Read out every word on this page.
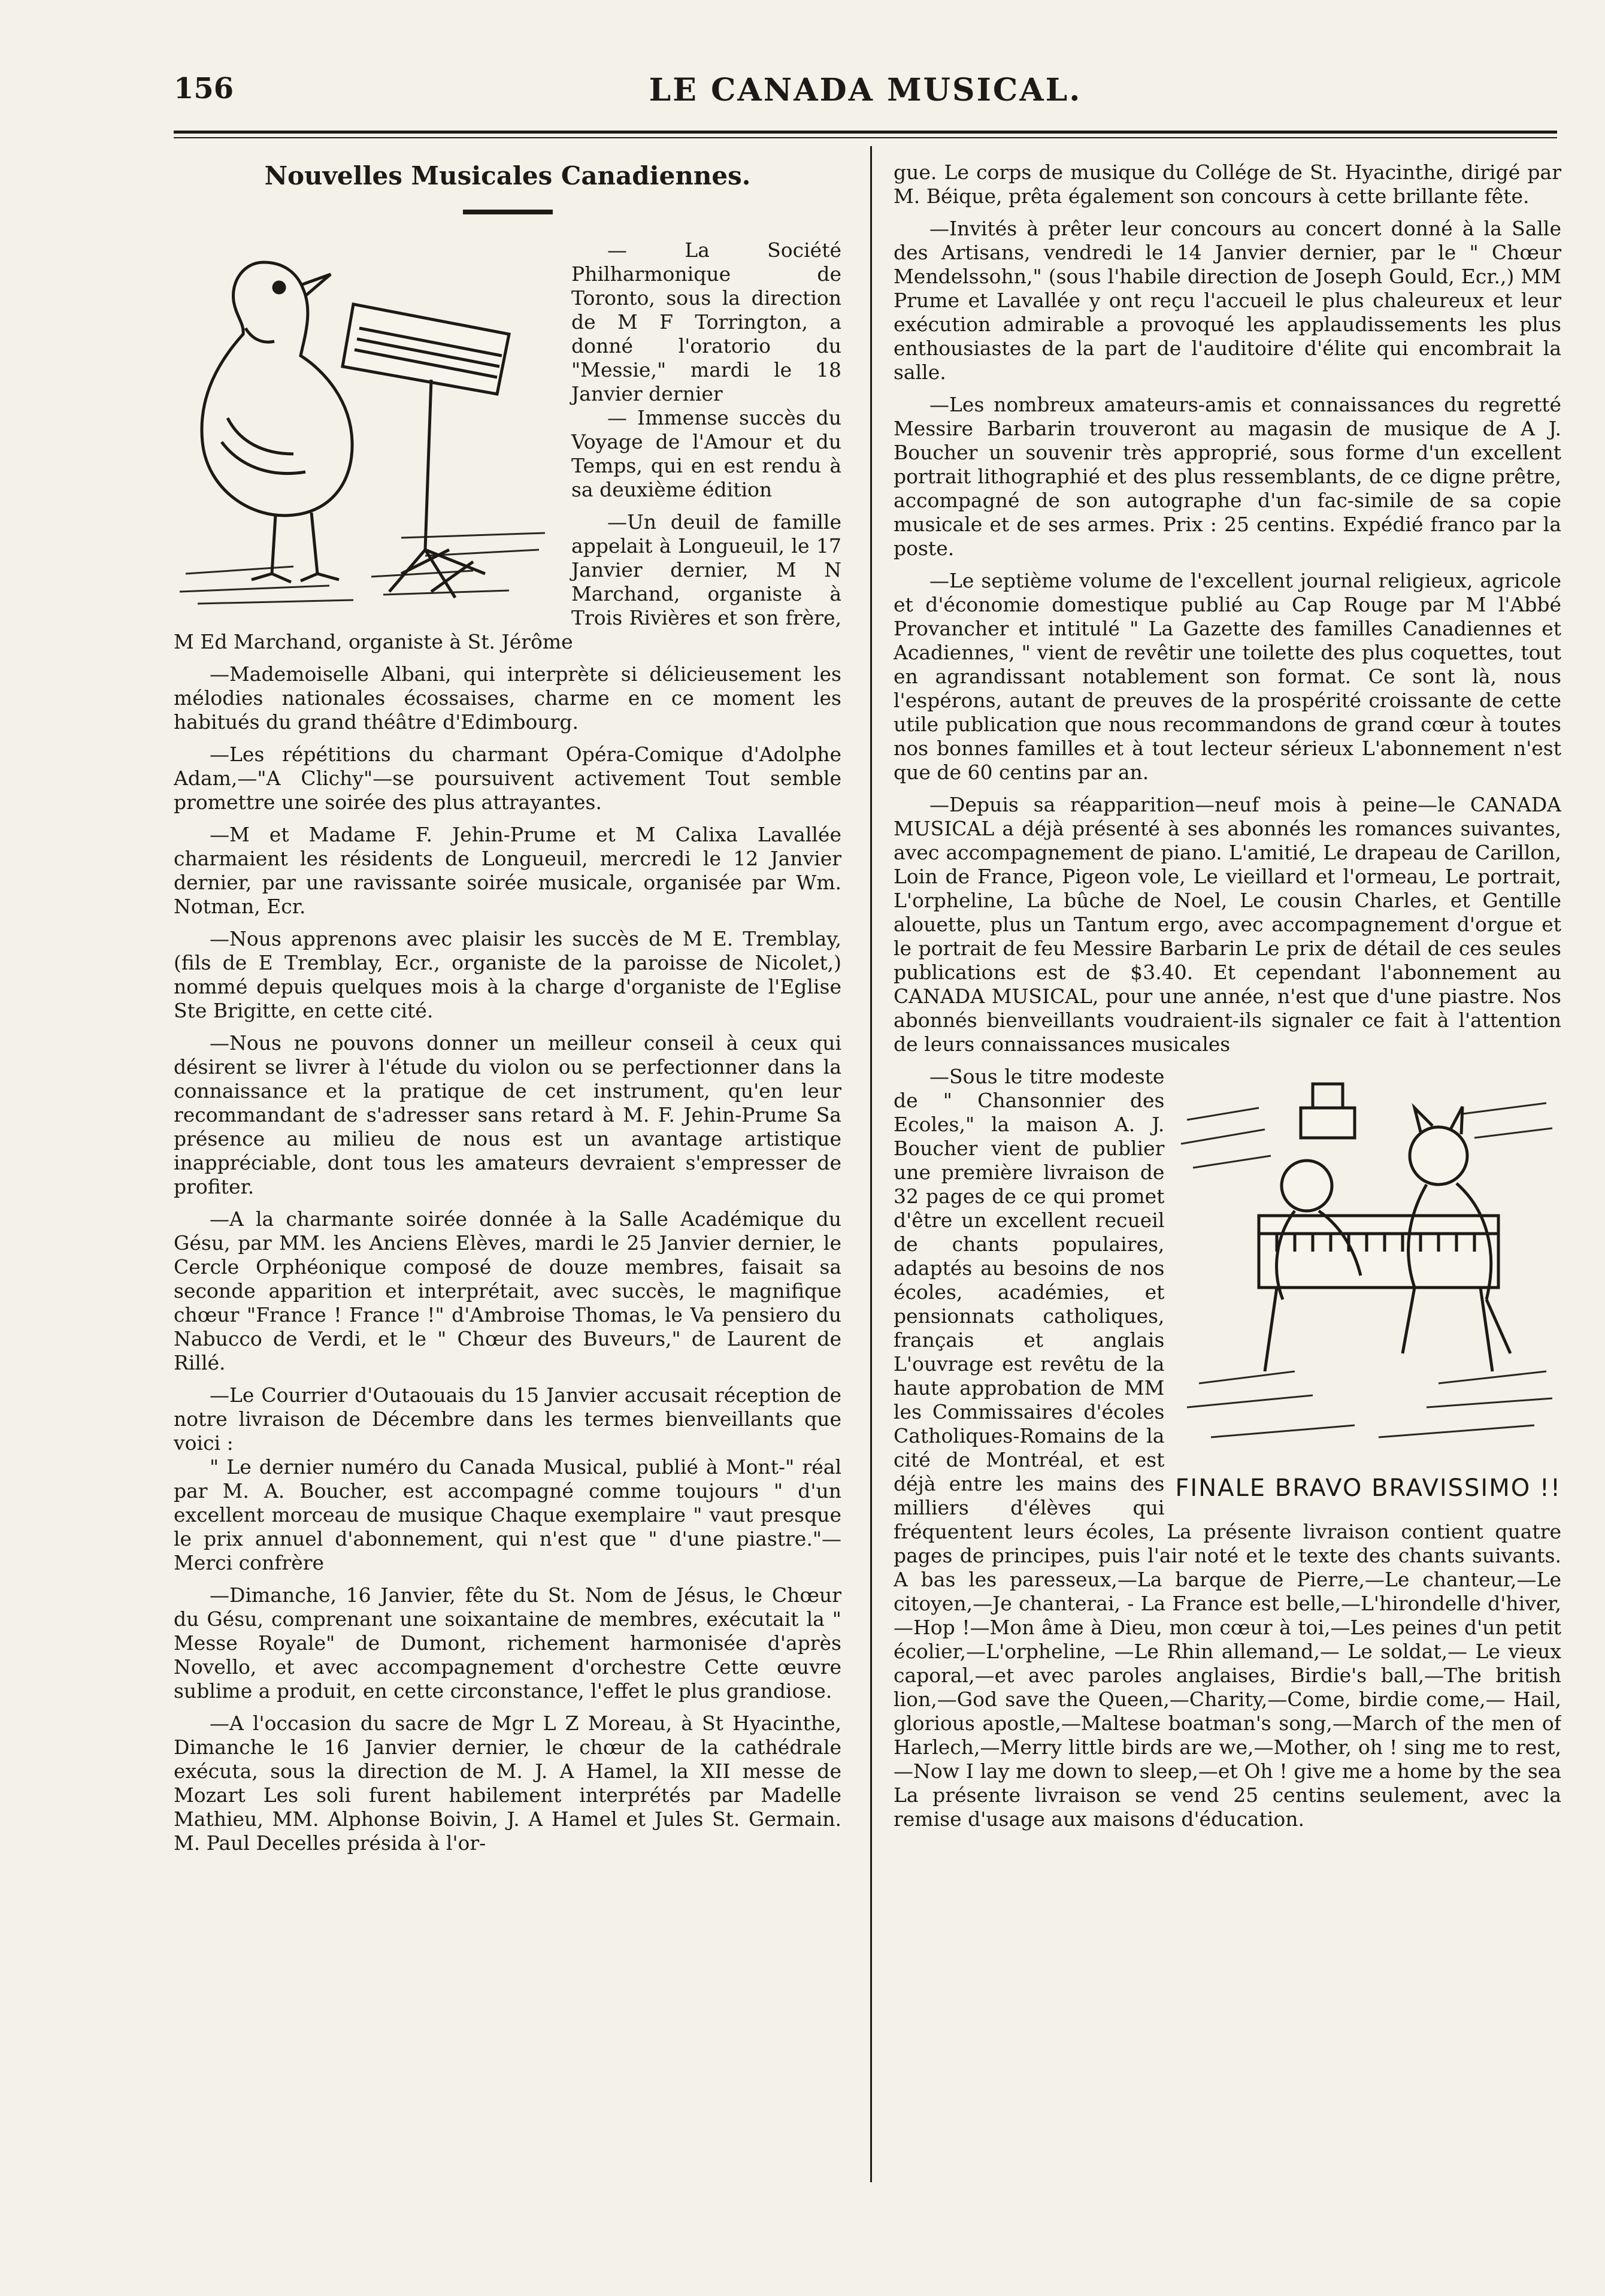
156	LE CANADA MUSICAL.
Nouvelles Musicales Canadiennes.

— La Société Philharmonique de Toronto, sous la direction de M F Torrington, a donné l'oratorio du "Messie," mardi le 18 Janvier dernier

— Immense succès du Voyage de l'Amour et du Temps, qui en est rendu à sa deuxième édition

—Un deuil de famille appelait à Longueuil, le 17 Janvier dernier, M N Marchand, organiste à Trois Rivières et son frère, M Ed Marchand, organiste à St. Jérôme

—Mademoiselle Albani, qui interprète si délicieusement les mélodies nationales écossaises, charme en ce moment les habitués du grand théâtre d'Edimbourg.

—Les répétitions du charmant Opéra-Comique d'Adolphe Adam,—"A Clichy"—se poursuivent activement Tout semble promettre une soirée des plus attrayantes.

—M et Madame F. Jehin-Prume et M Calixa Lavallée charmaient les résidents de Longueuil, mercredi le 12 Janvier dernier, par une ravissante soirée musicale, organisée par Wm. Notman, Ecr.

—Nous apprenons avec plaisir les succès de M E. Tremblay, (fils de E Tremblay, Ecr., organiste de la paroisse de Nicolet,) nommé depuis quelques mois à la charge d'organiste de l'Eglise Ste Brigitte, en cette cité.

—Nous ne pouvons donner un meilleur conseil à ceux qui désirent se livrer à l'étude du violon ou se perfectionner dans la connaissance et la pratique de cet instrument, qu'en leur recommandant de s'adresser sans retard à M. F. Jehin-Prume Sa présence au milieu de nous est un avantage artistique inappréciable, dont tous les amateurs devraient s'empresser de profiter.

—A la charmante soirée donnée à la Salle Académique du Gésu, par MM. les Anciens Elèves, mardi le 25 Janvier dernier, le Cercle Orphéonique composé de douze membres, faisait sa seconde apparition et interprétait, avec succès, le magnifique chœur "France ! France !" d'Ambroise Thomas, le Va pensiero du Nabucco de Verdi, et le " Chœur des Buveurs," de Laurent de Rillé.

—Le Courrier d'Outaouais du 15 Janvier accusait réception de notre livraison de Décembre dans les termes bienveillants que voici :

" Le dernier numéro du Canada Musical, publié à Mont-" réal par M. A. Boucher, est accompagné comme toujours " d'un excellent morceau de musique Chaque exemplaire " vaut presque le prix annuel d'abonnement, qui n'est que " d'une piastre."—Merci confrère

—Dimanche, 16 Janvier, fête du St. Nom de Jésus, le Chœur du Gésu, comprenant une soixantaine de membres, exécutait la " Messe Royale" de Dumont, richement harmonisée d'après Novello, et avec accompagnement d'orchestre Cette œuvre sublime a produit, en cette circonstance, l'effet le plus grandiose.

—A l'occasion du sacre de Mgr L Z Moreau, à St Hyacinthe, Dimanche le 16 Janvier dernier, le chœur de la cathédrale exécuta, sous la direction de M. J. A Hamel, la XII messe de Mozart Les soli furent habilement interprétés par Madelle Mathieu, MM. Alphonse Boivin, J. A Hamel et Jules St. Germain. M. Paul Decelles présida à l'or-

gue. Le corps de musique du Collége de St. Hyacinthe, dirigé par M. Béique, prêta également son concours à cette brillante fête.

—Invités à prêter leur concours au concert donné à la Salle des Artisans, vendredi le 14 Janvier dernier, par le " Chœur Mendelssohn," (sous l'habile direction de Joseph Gould, Ecr.,) MM Prume et Lavallée y ont reçu l'accueil le plus chaleureux et leur exécution admirable a provoqué les applaudissements les plus enthousiastes de la part de l'auditoire d'élite qui encombrait la salle.

—Les nombreux amateurs-amis et connaissances du regretté Messire Barbarin trouveront au magasin de musique de A J. Boucher un souvenir très approprié, sous forme d'un excellent portrait lithographié et des plus ressemblants, de ce digne prêtre, accompagné de son autographe d'un fac-simile de sa copie musicale et de ses armes. Prix : 25 centins. Expédié franco par la poste.

—Le septième volume de l'excellent journal religieux, agricole et d'économie domestique publié au Cap Rouge par M l'Abbé Provancher et intitulé " La Gazette des familles Canadiennes et Acadiennes, " vient de revêtir une toilette des plus coquettes, tout en agrandissant notablement son format. Ce sont là, nous l'espérons, autant de preuves de la prospérité croissante de cette utile publication que nous recommandons de grand cœur à toutes nos bonnes familles et à tout lecteur sérieux L'abonnement n'est que de 60 centins par an.

—Depuis sa réapparition—neuf mois à peine—le CANADA MUSICAL a déjà présenté à ses abonnés les romances suivantes, avec accompagnement de piano. L'amitié, Le drapeau de Carillon, Loin de France, Pigeon vole, Le vieillard et l'ormeau, Le portrait, L'orpheline, La bûche de Noel, Le cousin Charles, et Gentille alouette, plus un Tantum ergo, avec accompagnement d'orgue et le portrait de feu Messire Barbarin Le prix de détail de ces seules publications est de $3.40. Et cependant l'abonnement au CANADA MUSICAL, pour une année, n'est que d'une piastre. Nos abonnés bienveillants voudraient-ils signaler ce fait à l'attention de leurs connaissances musicales

FINALE BRAVO BRAVISSIMO !!

—Sous le titre modeste de " Chansonnier des Ecoles," la maison A. J. Boucher vient de publier une première livraison de 32 pages de ce qui promet d'être un excellent recueil de chants populaires, adaptés au besoins de nos écoles, académies, et pensionnats catholiques, français et anglais L'ouvrage est revêtu de la haute approbation de MM les Commissaires d'écoles Catholiques-Romains de la cité de Montréal, et est déjà entre les mains des milliers d'élèves qui fréquentent leurs écoles, La présente livraison contient quatre pages de principes, puis l'air noté et le texte des chants suivants. A bas les paresseux,—La barque de Pierre,—Le chanteur,—Le citoyen,—Je chanterai, - La France est belle,—L'hirondelle d'hiver,—Hop !—Mon âme à Dieu, mon cœur à toi,—Les peines d'un petit écolier,—L'orpheline, —Le Rhin allemand,— Le soldat,— Le vieux caporal,—et avec paroles anglaises, Birdie's ball,—The british lion,—God save the Queen,—Charity,—Come, birdie come,— Hail, glorious apostle,—Maltese boatman's song,—March of the men of Harlech,—Merry little birds are we,—Mother, oh ! sing me to rest,—Now I lay me down to sleep,—et Oh ! give me a home by the sea La présente livraison se vend 25 centins seulement, avec la remise d'usage aux maisons d'éducation.
